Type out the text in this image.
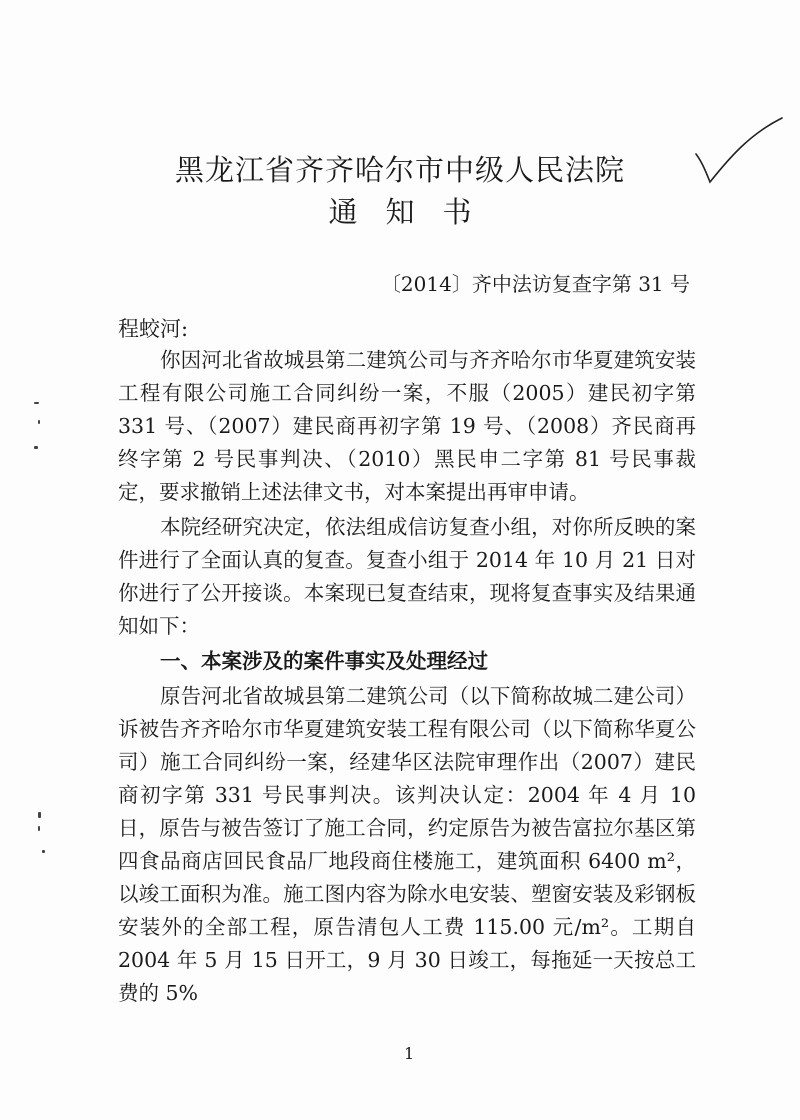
黑龙江省齐齐哈尔市中级人民法院
通 知 书
〔2014〕齐中法访复查字第 31 号
程蛟河:

你因河北省故城县第二建筑公司与齐齐哈尔市华夏建筑安装工程有限公司施工合同纠纷一案，不服（2005）建民初字第331 号、（2007）建民商再初字第 19 号、（2008）齐民商再终字第 2 号民事判决、（2010）黑民申二字第 81 号民事裁定，要求撤销上述法律文书，对本案提出再审申请。

本院经研究决定，依法组成信访复查小组，对你所反映的案件进行了全面认真的复查。复查小组于 2014 年 10 月 21 日对你进行了公开接谈。本案现已复查结束，现将复查事实及结果通知如下：

一、本案涉及的案件事实及处理经过

原告河北省故城县第二建筑公司（以下简称故城二建公司）诉被告齐齐哈尔市华夏建筑安装工程有限公司（以下简称华夏公司）施工合同纠纷一案，经建华区法院审理作出（2007）建民商初字第 331 号民事判决。该判决认定：2004 年 4 月 10 日，原告与被告签订了施工合同，约定原告为被告富拉尔基区第四食品商店回民食品厂地段商住楼施工，建筑面积 6400 m²，以竣工面积为准。施工图内容为除水电安装、塑窗安装及彩钢板安装外的全部工程，原告清包人工费 115.00 元/m²。工期自 2004 年 5 月 15 日开工，9 月 30 日竣工，每拖延一天按总工费的 5%

1
